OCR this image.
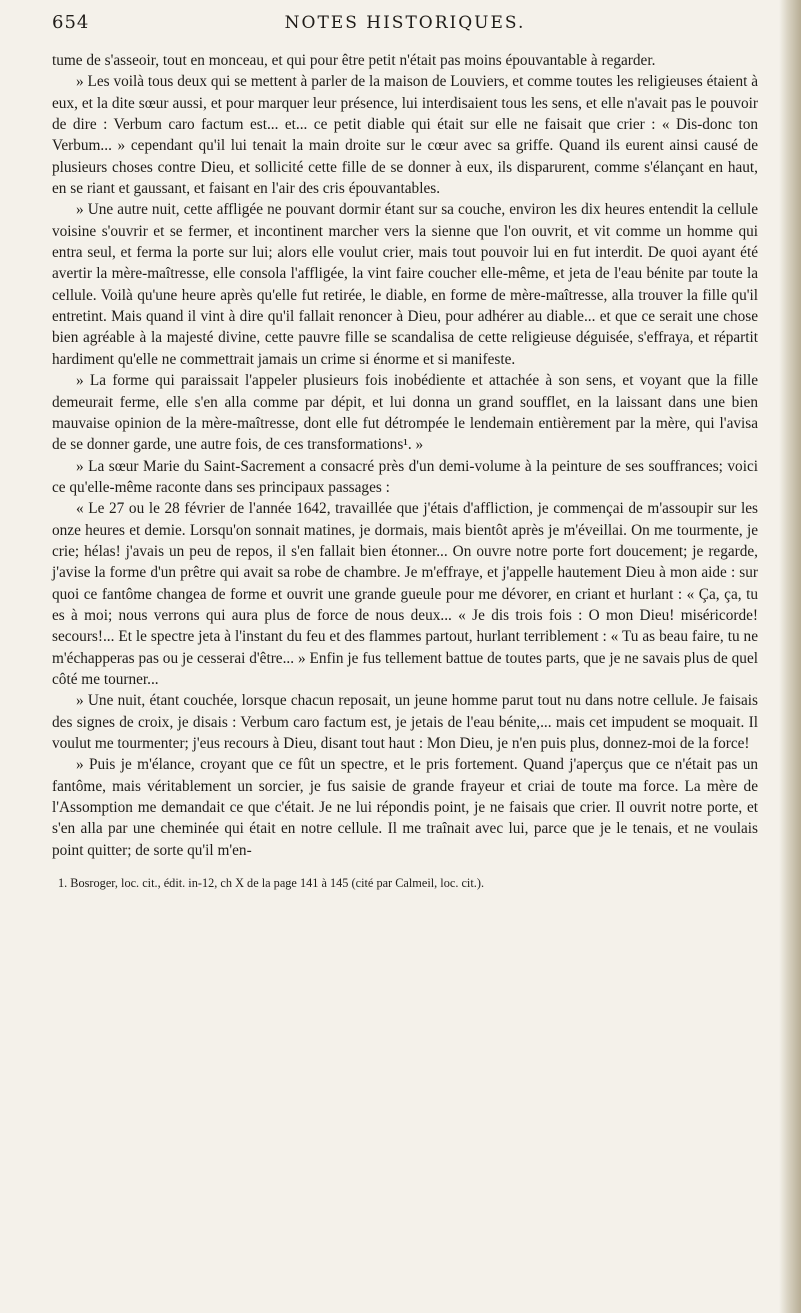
654	NOTES HISTORIQUES.

tume de s'asseoir, tout en monceau, et qui pour être petit n'était pas moins épouvantable à regarder.

» Les voilà tous deux qui se mettent à parler de la maison de Louviers, et comme toutes les religieuses étaient à eux, et la dite sœur aussi, et pour marquer leur présence, lui interdisaient tous les sens, et elle n'avait pas le pouvoir de dire : Verbum caro factum est... et... ce petit diable qui était sur elle ne faisait que crier : « Dis-donc ton Verbum... » cependant qu'il lui tenait la main droite sur le cœur avec sa griffe. Quand ils eurent ainsi causé de plusieurs choses contre Dieu, et sollicité cette fille de se donner à eux, ils disparurent, comme s'élançant en haut, en se riant et gaussant, et faisant en l'air des cris épouvantables.

» Une autre nuit, cette affligée ne pouvant dormir étant sur sa couche, environ les dix heures entendit la cellule voisine s'ouvrir et se fermer, et incontinent marcher vers la sienne que l'on ouvrit, et vit comme un homme qui entra seul, et ferma la porte sur lui; alors elle voulut crier, mais tout pouvoir lui en fut interdit. De quoi ayant été avertir la mère-maîtresse, elle consola l'affligée, la vint faire coucher elle-même, et jeta de l'eau bénite par toute la cellule. Voilà qu'une heure après qu'elle fut retirée, le diable, en forme de mère-maîtresse, alla trouver la fille qu'il entretint. Mais quand il vint à dire qu'il fallait renoncer à Dieu, pour adhérer au diable... et que ce serait une chose bien agréable à la majesté divine, cette pauvre fille se scandalisa de cette religieuse déguisée, s'effraya, et répartit hardiment qu'elle ne commettrait jamais un crime si énorme et si manifeste.

» La forme qui paraissait l'appeler plusieurs fois inobédiente et attachée à son sens, et voyant que la fille demeurait ferme, elle s'en alla comme par dépit, et lui donna un grand soufflet, en la laissant dans une bien mauvaise opinion de la mère-maîtresse, dont elle fut détrompée le lendemain entièrement par la mère, qui l'avisa de se donner garde, une autre fois, de ces transformations¹. »

» La sœur Marie du Saint-Sacrement a consacré près d'un demi-volume à la peinture de ses souffrances; voici ce qu'elle-même raconte dans ses principaux passages :

« Le 27 ou le 28 février de l'année 1642, travaillée que j'étais d'affliction, je commençai de m'assoupir sur les onze heures et demie. Lorsqu'on sonnait matines, je dormais, mais bientôt après je m'éveillai. On me tourmente, je crie; hélas! j'avais un peu de repos, il s'en fallait bien étonner... On ouvre notre porte fort doucement; je regarde, j'avise la forme d'un prêtre qui avait sa robe de chambre. Je m'effraye, et j'appelle hautement Dieu à mon aide : sur quoi ce fantôme changea de forme et ouvrit une grande gueule pour me dévorer, en criant et hurlant : « Ça, ça, tu es à moi; nous verrons qui aura plus de force de nous deux... « Je dis trois fois : O mon Dieu! miséricorde! secours!... Et le spectre jeta à l'instant du feu et des flammes partout, hurlant terriblement : « Tu as beau faire, tu ne m'échapperas pas ou je cesserai d'être... » Enfin je fus tellement battue de toutes parts, que je ne savais plus de quel côté me tourner...

» Une nuit, étant couchée, lorsque chacun reposait, un jeune homme parut tout nu dans notre cellule. Je faisais des signes de croix, je disais : Verbum caro factum est, je jetais de l'eau bénite,... mais cet impudent se moquait. Il voulut me tourmenter; j'eus recours à Dieu, disant tout haut : Mon Dieu, je n'en puis plus, donnez-moi de la force!

» Puis je m'élance, croyant que ce fût un spectre, et le pris fortement. Quand j'aperçus que ce n'était pas un fantôme, mais véritablement un sorcier, je fus saisie de grande frayeur et criai de toute ma force. La mère de l'Assomption me demandait ce que c'était. Je ne lui répondis point, je ne faisais que crier. Il ouvrit notre porte, et s'en alla par une cheminée qui était en notre cellule. Il me traînait avec lui, parce que je le tenais, et ne voulais point quitter; de sorte qu'il m'en-

1. Bosroger, loc. cit., édit. in-12, ch X de la page 141 à 145 (cité par Calmeil, loc. cit.).
